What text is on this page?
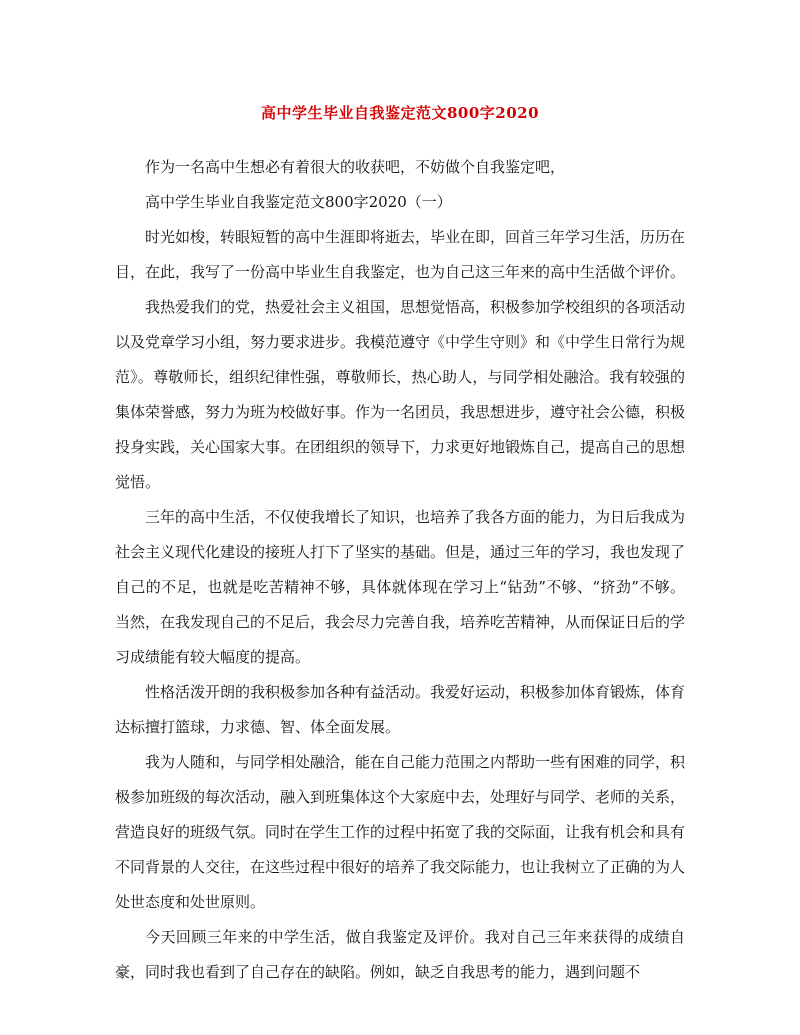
高中学生毕业自我鉴定范文800字2020

作为一名高中生想必有着很大的收获吧，不妨做个自我鉴定吧，

高中学生毕业自我鉴定范文800字2020（一）

时光如梭，转眼短暂的高中生涯即将逝去，毕业在即，回首三年学习生活，历历在目，在此，我写了一份高中毕业生自我鉴定，也为自己这三年来的高中生活做个评价。

我热爱我们的党，热爱社会主义祖国，思想觉悟高，积极参加学校组织的各项活动以及党章学习小组，努力要求进步。我模范遵守《中学生守则》和《中学生日常行为规范》。尊敬师长，组织纪律性强，尊敬师长，热心助人，与同学相处融洽。我有较强的集体荣誉感，努力为班为校做好事。作为一名团员，我思想进步，遵守社会公德，积极投身实践，关心国家大事。在团组织的领导下，力求更好地锻炼自己，提高自己的思想觉悟。

三年的高中生活，不仅使我增长了知识，也培养了我各方面的能力，为日后我成为社会主义现代化建设的接班人打下了坚实的基础。但是，通过三年的学习，我也发现了自己的不足，也就是吃苦精神不够，具体就体现在学习上“钻劲”不够、“挤劲”不够。当然，在我发现自己的不足后，我会尽力完善自我，培养吃苦精神，从而保证日后的学习成绩能有较大幅度的提高。

性格活泼开朗的我积极参加各种有益活动。我爱好运动，积极参加体育锻炼，体育达标擅打篮球，力求德、智、体全面发展。

我为人随和，与同学相处融洽，能在自己能力范围之内帮助一些有困难的同学，积极参加班级的每次活动，融入到班集体这个大家庭中去，处理好与同学、老师的关系，营造良好的班级气氛。同时在学生工作的过程中拓宽了我的交际面，让我有机会和具有不同背景的人交往，在这些过程中很好的培养了我交际能力，也让我树立了正确的为人处世态度和处世原则。

今天回顾三年来的中学生活，做自我鉴定及评价。我对自己三年来获得的成绩自豪，同时我也看到了自己存在的缺陷。例如，缺乏自我思考的能力，遇到问题不
